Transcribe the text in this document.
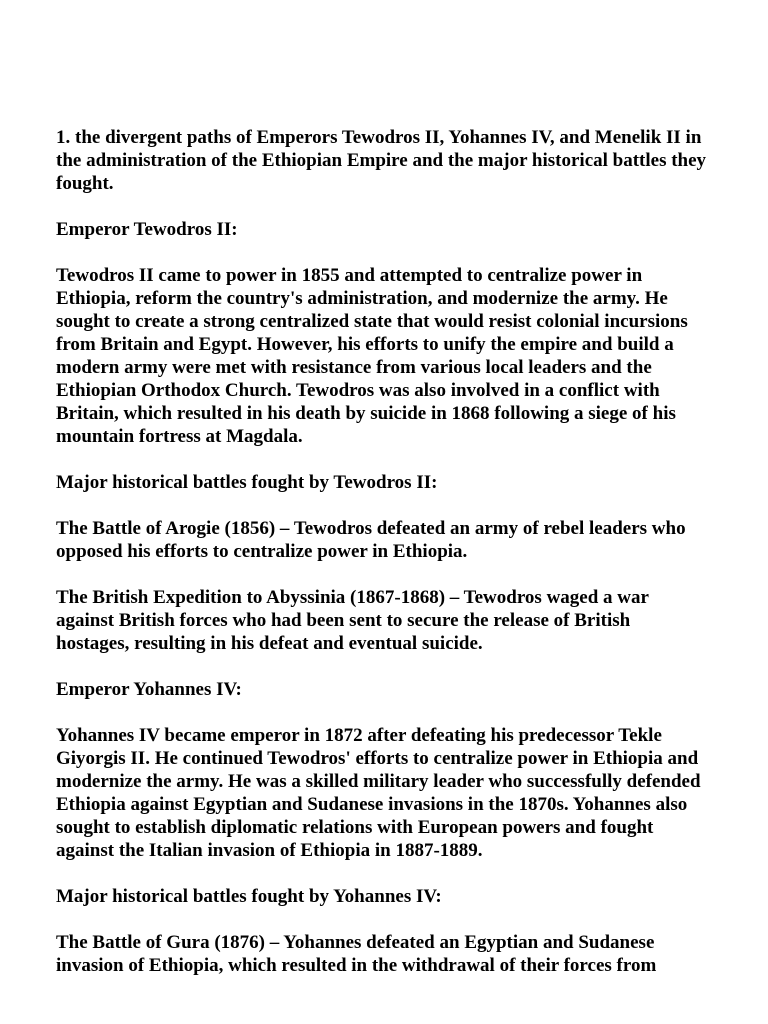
1. the divergent paths of Emperors Tewodros II, Yohannes IV, and Menelik II in the administration of the Ethiopian Empire and the major historical battles they fought.

Emperor Tewodros II:

Tewodros II came to power in 1855 and attempted to centralize power in Ethiopia, reform the country's administration, and modernize the army. He sought to create a strong centralized state that would resist colonial incursions from Britain and Egypt. However, his efforts to unify the empire and build a modern army were met with resistance from various local leaders and the Ethiopian Orthodox Church. Tewodros was also involved in a conflict with Britain, which resulted in his death by suicide in 1868 following a siege of his mountain fortress at Magdala.

Major historical battles fought by Tewodros II:

The Battle of Arogie (1856) – Tewodros defeated an army of rebel leaders who opposed his efforts to centralize power in Ethiopia.

The British Expedition to Abyssinia (1867-1868) – Tewodros waged a war against British forces who had been sent to secure the release of British hostages, resulting in his defeat and eventual suicide.

Emperor Yohannes IV:

Yohannes IV became emperor in 1872 after defeating his predecessor Tekle Giyorgis II. He continued Tewodros' efforts to centralize power in Ethiopia and modernize the army. He was a skilled military leader who successfully defended Ethiopia against Egyptian and Sudanese invasions in the 1870s. Yohannes also sought to establish diplomatic relations with European powers and fought against the Italian invasion of Ethiopia in 1887-1889.

Major historical battles fought by Yohannes IV:

The Battle of Gura (1876) – Yohannes defeated an Egyptian and Sudanese invasion of Ethiopia, which resulted in the withdrawal of their forces from
